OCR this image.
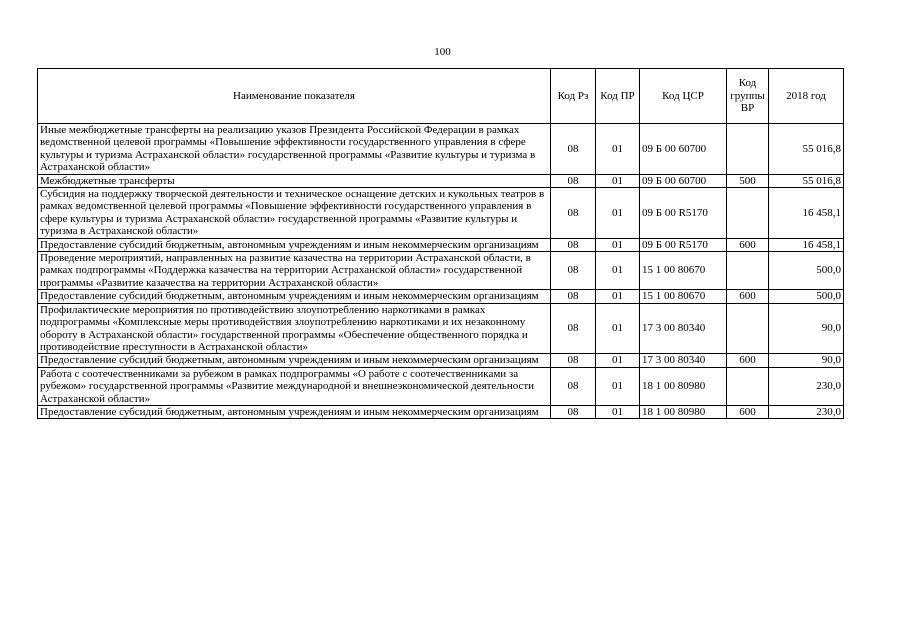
100
Наименование показателя	Код Рз	Код ПР	Код ЦСР	Код группы ВР	2018 год
Иные межбюджетные трансферты на реализацию указов Президента Российской Федерации в рамках ведомственной целевой программы «Повышение эффективности государственного управления в сфере культуры и туризма Астраханской области» государственной программы «Развитие культуры и туризма в Астраханской области»	08	01	09 Б 00 60700		55 016,8
Межбюджетные трансферты	08	01	09 Б 00 60700	500	55 016,8
Субсидия на поддержку творческой деятельности и техническое оснащение детских и кукольных театров в рамках ведомственной целевой программы «Повышение эффективности государственного управления в сфере культуры и туризма Астраханской области» государственной программы «Развитие культуры и туризма в Астраханской области»	08	01	09 Б 00 R5170		16 458,1
Предоставление субсидий бюджетным, автономным учреждениям и иным некоммерческим организациям	08	01	09 Б 00 R5170	600	16 458,1
Проведение мероприятий, направленных на развитие казачества на территории Астраханской области, в рамках подпрограммы «Поддержка казачества на территории Астраханской области» государственной программы «Развитие казачества на территории Астраханской области»	08	01	15 1 00 80670		500,0
Предоставление субсидий бюджетным, автономным учреждениям и иным некоммерческим организациям	08	01	15 1 00 80670	600	500,0
Профилактические мероприятия по противодействию злоупотреблению наркотиками в рамках подпрограммы «Комплексные меры противодействия злоупотреблению наркотиками и их незаконному обороту в Астраханской области» государственной программы «Обеспечение общественного порядка и противодействие преступности в Астраханской области»	08	01	17 3 00 80340		90,0
Предоставление субсидий бюджетным, автономным учреждениям и иным некоммерческим организациям	08	01	17 3 00 80340	600	90,0
Работа с соотечественниками за рубежом в рамках подпрограммы «О работе с соотечественниками за рубежом» государственной программы «Развитие международной и внешнеэкономической деятельности Астраханской области»	08	01	18 1 00 80980		230,0
Предоставление субсидий бюджетным, автономным учреждениям и иным некоммерческим организациям	08	01	18 1 00 80980	600	230,0
